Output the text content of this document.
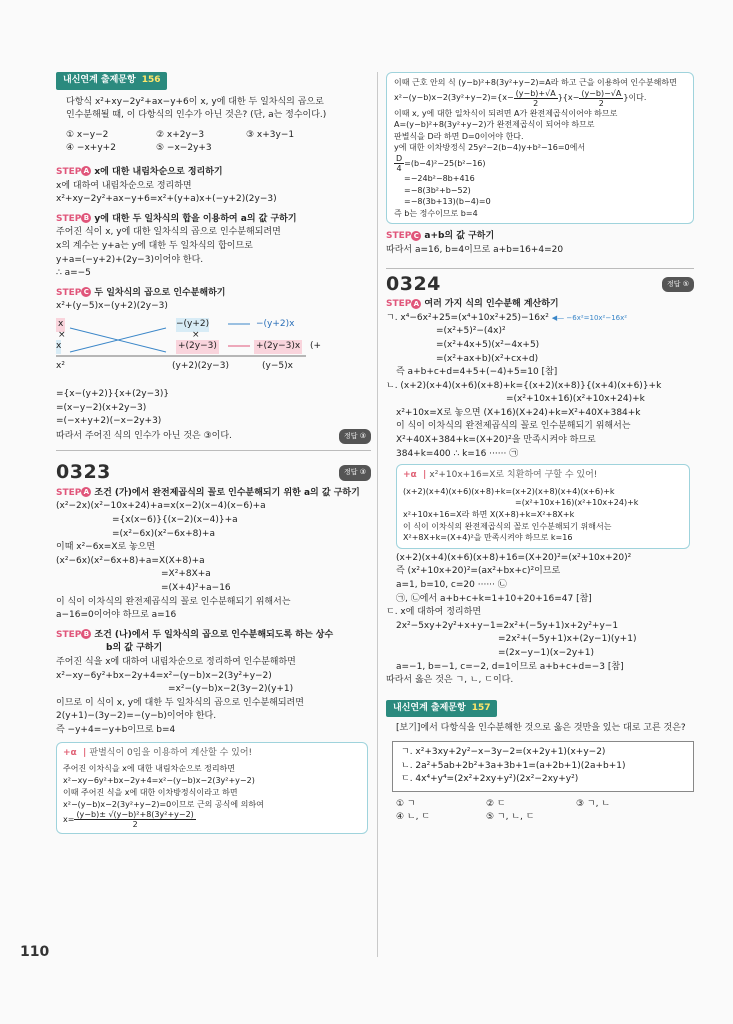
내신연계 출제문항 156
다항식 x²+xy−2y²+ax−y+6이 x, y에 대한 두 일차식의 곱으로
인수분해될 때, 이 다항식의 인수가 아닌 것은? (단, a는 정수이다.)
① x−y−2	② x+2y−3	③ x+3y−1
④ −x+y+2	⑤ −x−2y+3
STEP A x에 대한 내림차순으로 정리하기
x에 대하여 내림차순으로 정리하면
x²+xy−2y²+ax−y+6=x²+(y+a)x+(−y+2)(2y−3)
STEP B y에 대한 두 일차식의 합을 이용하여 a의 값 구하기
주어진 식이 x, y에 대한 일차식의 곱으로 인수분해되려면
x의 계수는 y+a는 y에 대한 두 일차식의 합이므로
y+a=(−y+2)+(2y−3)이어야 한다.
∴ a=−5
STEP C 두 일차식의 곱으로 인수분해하기
x²+(y−5)x−(y+2)(2y−3)
x
×
x
−(y+2)
×
+(2y−3)
−(y+2)x
+(2y−3)x (+
x²	(y+2)(2y−3)	(y−5)x
={x−(y+2)}{x+(2y−3)}
=(x−y−2)(x+2y−3)
=(−x+y+2)(−x−2y+3)
따라서 주어진 식의 인수가 아닌 것은 ③이다.	정답 ③
0323	정답 ③
STEP A 조건 (가)에서 완전제곱식의 꼴로 인수분해되기 위한 a의 값 구하기
(x²−2x)(x²−10x+24)+a=x(x−2)(x−4)(x−6)+a
={x(x−6)}{(x−2)(x−4)}+a
=(x²−6x)(x²−6x+8)+a
이때 x²−6x=X로 놓으면
(x²−6x)(x²−6x+8)+a=X(X+8)+a
=X²+8X+a
=(X+4)²+a−16
이 식이 이차식의 완전제곱식의 꼴로 인수분해되기 위해서는
a−16=0이어야 하므로 a=16
STEP B 조건 (나)에서 두 일차식의 곱으로 인수분해되도록 하는 상수
b의 값 구하기
주어진 식을 x에 대하여 내림차순으로 정리하여 인수분해하면
x²−xy−6y²+bx−2y+4=x²−(y−b)x−2(3y²+y−2)
=x²−(y−b)x−2(3y−2)(y+1)
이므로 이 식이 x, y에 대한 두 일차식의 곱으로 인수분해되려면
2(y+1)−(3y−2)=−(y−b)이어야 한다.
즉 −y+4=−y+b이므로 b=4
+α  | 판별식이 0임을 이용하여 계산할 수 있어!
주어진 이차식을 x에 대한 내림차순으로 정리하면
x²−xy−6y²+bx−2y+4=x²−(y−b)x−2(3y²+y−2)
이때 주어진 식을 x에 대한 이차방정식이라고 하면
x²−(y−b)x−2(3y²+y−2)=0이므로 근의 공식에 의하여
$x= \frac{\text{(y−b)± √(y−b)²+8(3y²+y−2)}}{2}$
이때 근호 안의 식 (y−b)²+8(3y²+y−2)=A라 하고 근을 이용하여 인수분해하면
$x^2-(y-b)x-2(3y^2+y-2)=\{x- \frac{(y-b)+√A}{2} \}\{x- \frac{(y-b)-√A}{2}$ }이다.
이때 x, y에 대한 일차식이 되려면 A가 완전제곱식이어야 하므로
A=(y−b)²+8(3y²+y−2)가 완전제곱식이 되어야 하므로
판별식을 D라 하면 D=0이어야 한다.
y에 대한 이차방정식 25y²−2(b−4)y+b²−16=0에서
$\frac{D}{4} =(b-4)^2-25(b^2-16)$
=−24b²−8b+416
=−8(3b²+b−52)
=−8(3b+13)(b−4)=0
즉 b는 정수이므로 b=4
STEP C a+b의 값 구하기
따라서 a=16, b=4이므로 a+b=16+4=20
0324	정답 ⑤
STEP A 여러 가지 식의 인수분해 계산하기
ㄱ. x⁴−6x²+25=(x⁴+10x²+25)−16x² ◀— −6x²=10x²−16x²
=(x²+5)²−(4x)²
=(x²+4x+5)(x²−4x+5)
=(x²+ax+b)(x²+cx+d)
즉 a+b+c+d=4+5+(−4)+5=10 [참]
ㄴ. (x+2)(x+4)(x+6)(x+8)+k={(x+2)(x+8)}{(x+4)(x+6)}+k
=(x²+10x+16)(x²+10x+24)+k
x²+10x=X로 놓으면 (X+16)(X+24)+k=X²+40X+384+k
이 식이 이차식의 완전제곱식의 꼴로 인수분해되기 위해서는
X²+40X+384+k=(X+20)²을 만족시켜야 하므로
384+k=400 ∴ k=16 ······ ㉠
+α  | x²+10x+16=X로 치환하여 구할 수 있어!
(x+2)(x+4)(x+6)(x+8)+k=(x+2)(x+8)(x+4)(x+6)+k
=(x²+10x+16)(x²+10x+24)+k
x²+10x+16=X라 하면 X(X+8)+k=X²+8X+k
이 식이 이차식의 완전제곱식의 꼴로 인수분해되기 위해서는
X²+8X+k=(X+4)²을 만족시켜야 하므로 k=16
(x+2)(x+4)(x+6)(x+8)+16=(X+20)²=(x²+10x+20)²
즉 (x²+10x+20)²=(ax²+bx+c)²이므로
a=1, b=10, c=20 ······ ㉡
㉠, ㉡에서 a+b+c+k=1+10+20+16=47 [참]
ㄷ. x에 대하여 정리하면
2x²−5xy+2y²+x+y−1=2x²+(−5y+1)x+2y²+y−1
=2x²+(−5y+1)x+(2y−1)(y+1)
=(2x−y−1)(x−2y+1)
a=−1, b=−1, c=−2, d=1이므로 a+b+c+d=−3 [참]
따라서 옳은 것은 ㄱ, ㄴ, ㄷ이다.
내신연계 출제문항 157
[보기]에서 다항식을 인수분해한 것으로 옳은 것만을 있는 대로 고른 것은?
ㄱ. x²+3xy+2y²−x−3y−2=(x+2y+1)(x+y−2)
ㄴ. 2a²+5ab+2b²+3a+3b+1=(a+2b+1)(2a+b+1)
ㄷ. 4x⁴+y⁴=(2x²+2xy+y²)(2x²−2xy+y²)
① ㄱ	② ㄷ	③ ㄱ, ㄴ
④ ㄴ, ㄷ	⑤ ㄱ, ㄴ, ㄷ
110
